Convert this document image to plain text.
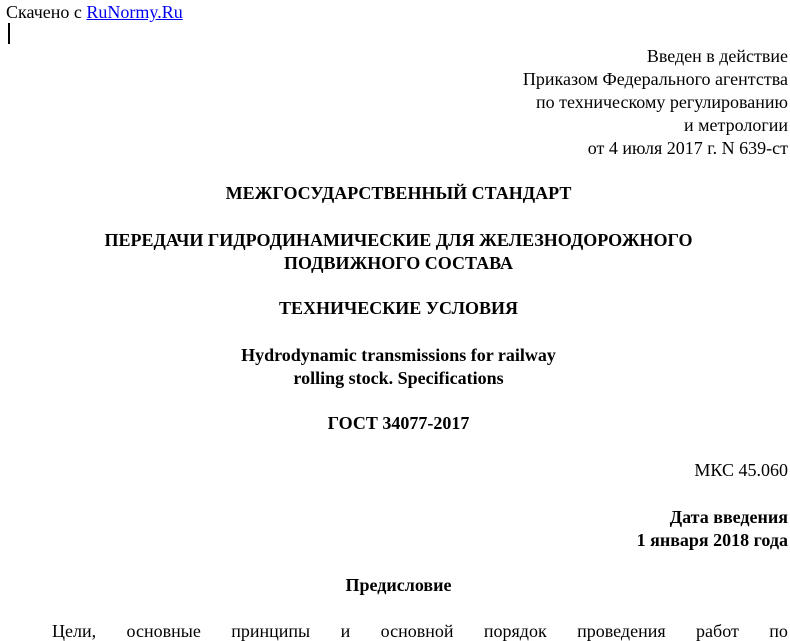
Скачено с RuNormy.Ru
Введен в действие
Приказом Федерального агентства
по техническому регулированию
и метрологии
от 4 июля 2017 г. N 639-ст
МЕЖГОСУДАРСТВЕННЫЙ СТАНДАРТ
ПЕРЕДАЧИ ГИДРОДИНАМИЧЕСКИЕ ДЛЯ ЖЕЛЕЗНОДОРОЖНОГО
ПОДВИЖНОГО СОСТАВА
ТЕХНИЧЕСКИЕ УСЛОВИЯ
Hydrodynamic transmissions for railway
rolling stock. Specifications
ГОСТ 34077-2017
МКС 45.060
Дата введения
1 января 2018 года
Предисловие
Цели, основные принципы и основной порядок проведения работ по
